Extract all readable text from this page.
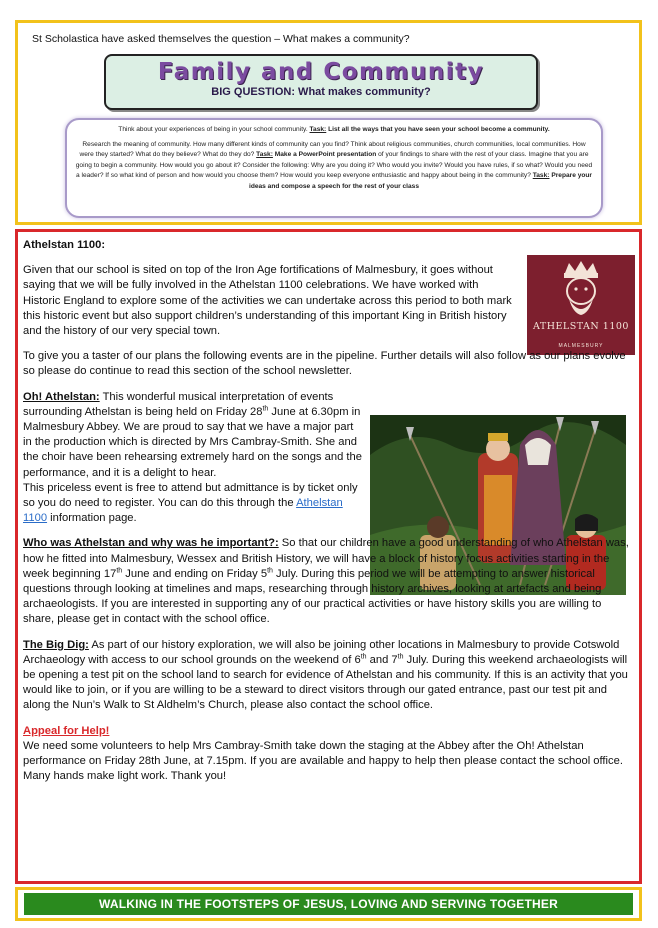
St Scholastica have asked themselves the question – What makes a community?
Family and Community
BIG QUESTION: What makes community?

Think about your experiences of being in your school community. Task: List all the ways that you have seen your school become a community.

Research the meaning of community. How many different kinds of community can you find? Think about religious communities, church communities, local communities. How were they started? What do they believe? What do they do? Task: Make a PowerPoint presentation of your findings to share with the rest of your class. Imagine that you are going to begin a community. How would you go about it? Consider the following: Why are you doing it? Who would you invite? Would you have rules, if so what? Would you need a leader? If so what kind of person and how would you choose them? How would you keep everyone enthusiastic and happy about being in the community? Task: Prepare your ideas and compose a speech for the rest of your class

ATHELSTAN 1100
MALMESBURY

Athelstan 1100:

Given that our school is sited on top of the Iron Age fortifications of Malmesbury, it goes without saying that we will be fully involved in the Athelstan 1100 celebrations. We have worked with Historic England to explore some of the activities we can undertake across this period to both mark this historic event but also support children’s understanding of this important King in British history and the history of our very special town.

To give you a taster of our plans the following events are in the pipeline. Further details will also follow as our plans evolve so please do continue to read this section of the school newsletter.

Oh! Athelstan: This wonderful musical interpretation of events surrounding Athelstan is being held on Friday 28th June at 6.30pm in Malmesbury Abbey. We are proud to say that we have a major part in the production which is directed by Mrs Cambray-Smith. She and the choir have been rehearsing extremely hard on the songs and the performance, and it is a delight to hear.

This priceless event is free to attend but admittance is by ticket only so you do need to register. You can do this through the Athelstan 1100 information page.

Who was Athelstan and why was he important?: So that our children have a good understanding of who Athelstan was, how he fitted into Malmesbury, Wessex and British History, we will have a block of history focus activities starting in the week beginning 17th June and ending on Friday 5th July. During this period we will be attempting to answer historical questions through looking at timelines and maps, researching through history archives, looking at artefacts and being archaeologists. If you are interested in supporting any of our practical activities or have history skills you are willing to share, please get in contact with the school office.

The Big Dig: As part of our history exploration, we will also be joining other locations in Malmesbury to provide Cotswold Archaeology with access to our school grounds on the weekend of 6th and 7th July. During this weekend archaeologists will be opening a test pit on the school land to search for evidence of Athelstan and his community. If this is an activity that you would like to join, or if you are willing to be a steward to direct visitors through our gated entrance, past our test pit and along the Nun’s Walk to St Aldhelm’s Church, please also contact the school office.

Appeal for Help!

We need some volunteers to help Mrs Cambray-Smith take down the staging at the Abbey after the Oh! Athelstan performance on Friday 28th June, at 7.15pm. If you are available and happy to help then please contact the school office. Many hands make light work. Thank you!

WALKING IN THE FOOTSTEPS OF JESUS, LOVING AND SERVING TOGETHER
